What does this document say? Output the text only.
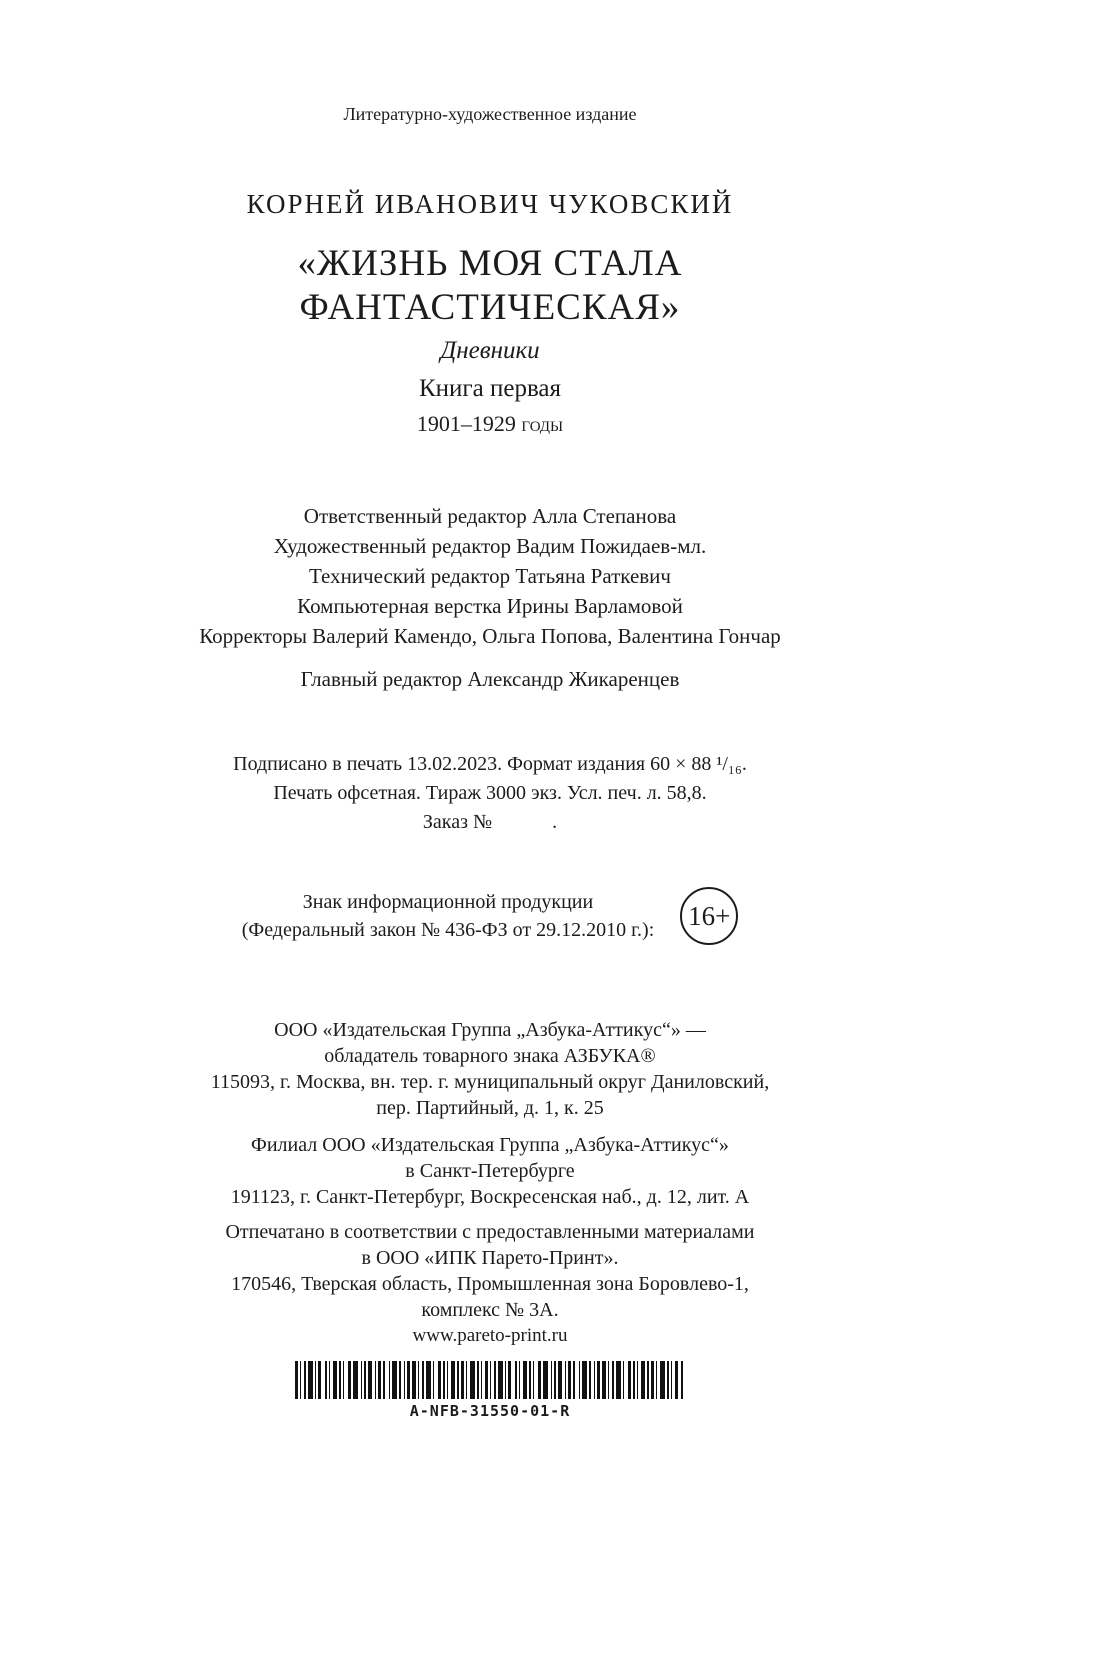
Литературно-художественное издание

КОРНЕЙ ИВАНОВИЧ ЧУКОВСКИЙ
«ЖИЗНЬ МОЯ СТАЛА
ФАНТАСТИЧЕСКАЯ»

Дневники

Книга первая

1901–1929 годы

Ответственный редактор Алла Степанова

Художественный редактор Вадим Пожидаев-мл.

Технический редактор Татьяна Раткевич

Компьютерная верстка Ирины Варламовой

Корректоры Валерий Камендо, Ольга Попова, Валентина Гончар

Главный редактор Александр Жикаренцев

Подписано в печать 13.02.2023. Формат издания 60 × 88 ¹/₁₆.

Печать офсетная. Тираж 3000 экз. Усл. печ. л. 58,8.

Заказ №            .

Знак информационной продукции

(Федеральный закон № 436-ФЗ от 29.12.2010 г.): 16+

ООО «Издательская Группа „Азбука-Аттикус“» —

обладатель товарного знака АЗБУКА®

115093, г. Москва, вн. тер. г. муниципальный округ Даниловский,

пер. Партийный, д. 1, к. 25

Филиал ООО «Издательская Группа „Азбука-Аттикус“»

в Санкт-Петербурге

191123, г. Санкт-Петербург, Воскресенская наб., д. 12, лит. А

Отпечатано в соответствии с предоставленными материалами

в ООО «ИПК Парето-Принт».

170546, Тверская область, Промышленная зона Боровлево-1,

комплекс № 3А.

www.pareto-print.ru

A-NFB-31550-01-R
